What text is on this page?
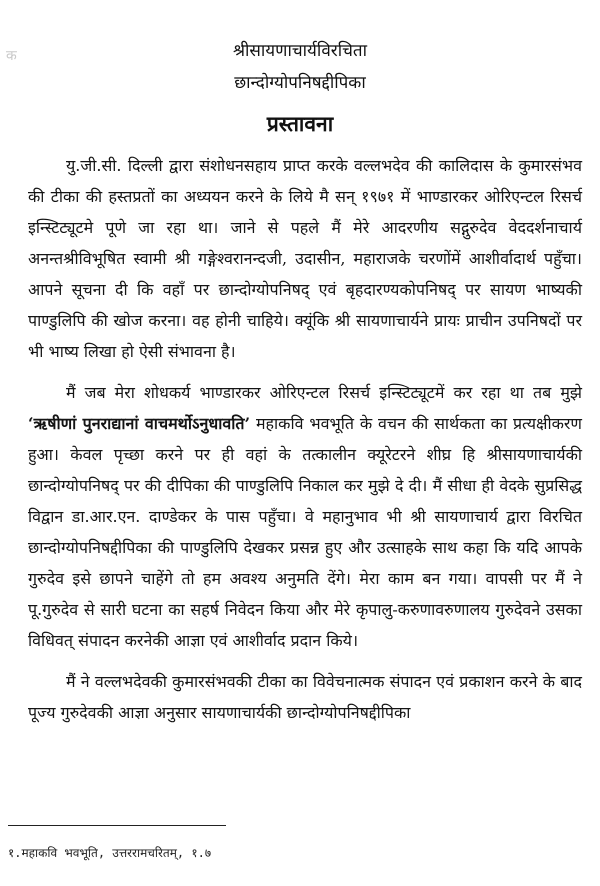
क	श्रीसायणाचार्यविरचिता
छान्दोग्योपनिषद्दीपिका
प्रस्तावना

यु.जी.सी. दिल्ली द्वारा संशोधनसहाय प्राप्त करके वल्लभदेव की कालिदास के कुमारसंभव की टीका की हस्तप्रतों का अध्ययन करने के लिये मै सन् १९७१ में भाण्डारकर ओरिएन्टल रिसर्च इन्स्टिट्यूटमे पूणे जा रहा था। जाने से पहले मैं मेरे आदरणीय सद्गुरुदेव वेददर्शनाचार्य अनन्तश्रीविभूषित स्वामी श्री गङ्गेश्वरानन्दजी, उदासीन, महाराजके चरणोंमें आशीर्वादार्थ पहुँचा। आपने सूचना दी कि वहाँ पर छान्दोग्योपनिषद् एवं बृहदारण्यकोपनिषद् पर सायण भाष्यकी पाण्डुलिपि की खोज करना। वह होनी चाहिये। क्यूंकि श्री सायणाचार्यने प्रायः प्राचीन उपनिषदों पर भी भाष्य लिखा हो ऐसी संभावना है।

मैं जब मेरा शोधकर्य भाण्डारकर ओरिएन्टल रिसर्च इन्स्टिट्यूटमें कर रहा था तब मुझे ‘ऋषीणां पुनराद्यानां वाचमर्थोऽनुधावति’ महाकवि भवभूति के वचन की सार्थकता का प्रत्यक्षीकरण हुआ। केवल पृच्छा करने पर ही वहां के तत्कालीन क्यूरेटरने शीघ्र हि श्रीसायणाचार्यकी छान्दोग्योपनिषद् पर की दीपिका की पाण्डुलिपि निकाल कर मुझे दे दी। मैं सीधा ही वेदके सुप्रसिद्ध विद्वान डा.आर.एन. दाण्डेकर के पास पहुँचा। वे महानुभाव भी श्री सायणाचार्य द्वारा विरचित छान्दोग्योपनिषद्दीपिका की पाण्डुलिपि देखकर प्रसन्न हुए और उत्साहके साथ कहा कि यदि आपके गुरुदेव इसे छापने चाहेंगे तो हम अवश्य अनुमति देंगे। मेरा काम बन गया। वापसी पर मैं ने पू.गुरुदेव से सारी घटना का सहर्ष निवेदन किया और मेरे कृपालु-करुणावरुणालय गुरुदेवने उसका विधिवत् संपादन करनेकी आज्ञा एवं आशीर्वाद प्रदान किये।

मैं ने वल्लभदेवकी कुमारसंभवकी टीका का विवेचनात्मक संपादन एवं प्रकाशन करने के बाद पूज्य गुरुदेवकी आज्ञा अनुसार सायणाचार्यकी छान्दोग्योपनिषद्दीपिका

१.महाकवि भवभूति, उत्तररामचरितम्, १.७
